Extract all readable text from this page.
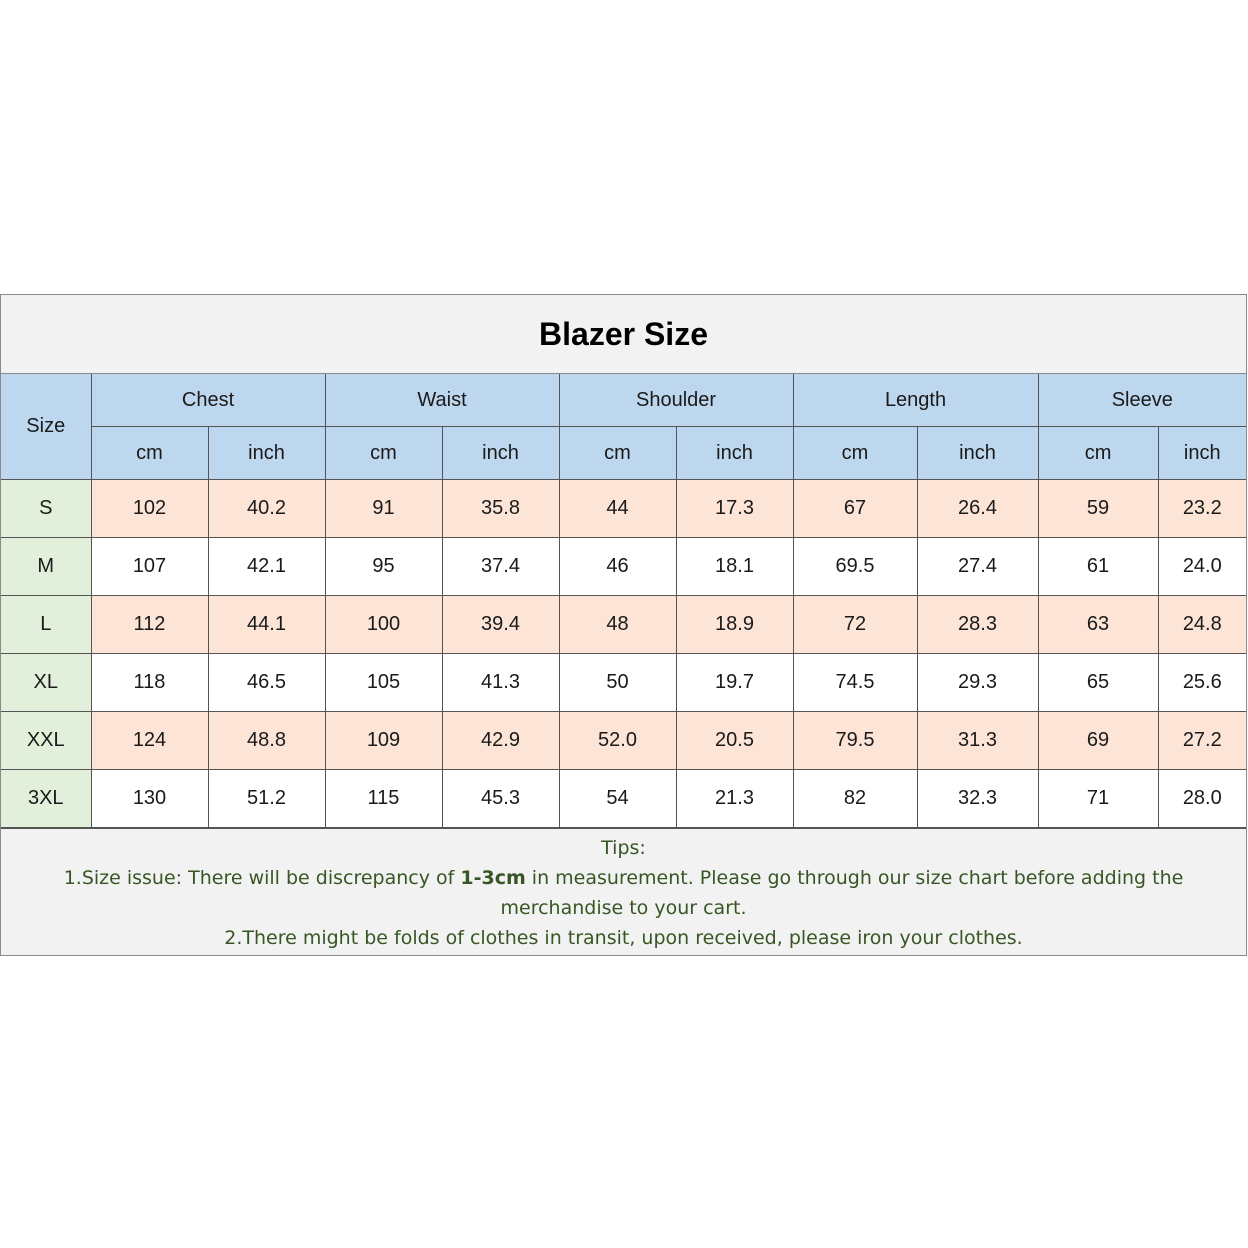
Blazer Size
Size	Chest		Waist		Shoulder		Length		Sleeve	
	cm	inch	cm	inch	cm	inch	cm	inch	cm	inch
S	102	40.2	91	35.8	44	17.3	67	26.4	59	23.2
M	107	42.1	95	37.4	46	18.1	69.5	27.4	61	24.0
L	112	44.1	100	39.4	48	18.9	72	28.3	63	24.8
XL	118	46.5	105	41.3	50	19.7	74.5	29.3	65	25.6
XXL	124	48.8	109	42.9	52.0	20.5	79.5	31.3	69	27.2
3XL	130	51.2	115	45.3	54	21.3	82	32.3	71	28.0
Tips:
1.Size issue: There will be discrepancy of 1-3cm in measurement. Please go through our size chart before adding the merchandise to your cart.
2.There might be folds of clothes in transit, upon received, please iron your clothes.
